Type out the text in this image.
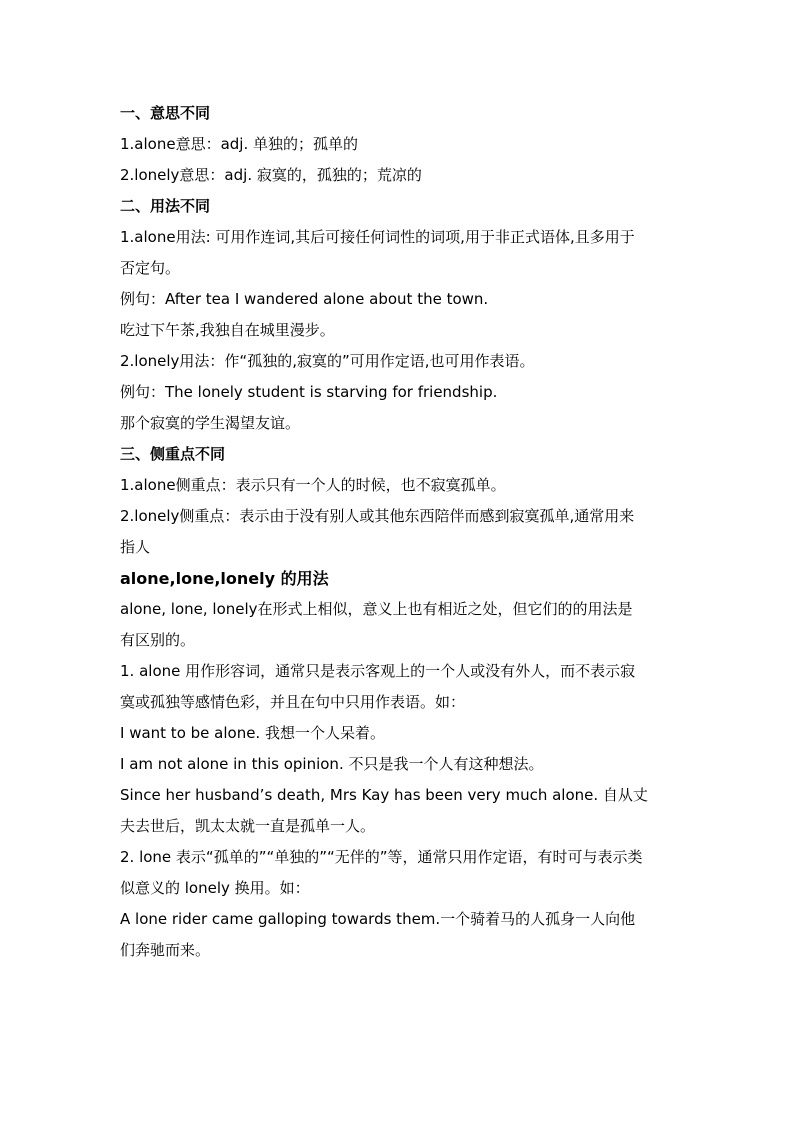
一、意思不同
1.alone意思：adj. 单独的；孤单的
2.lonely意思：adj. 寂寞的，孤独的；荒凉的
二、用法不同
1.alone用法: 可用作连词,其后可接任何词性的词项,用于非正式语体,且多用于
否定句。
例句：After tea I wandered alone about the town.
吃过下午茶,我独自在城里漫步。
2.lonely用法：作“孤独的,寂寞的”可用作定语,也可用作表语。
例句：The lonely student is starving for friendship.
那个寂寞的学生渴望友谊。
三、侧重点不同
1.alone侧重点：表示只有一个人的时候，也不寂寞孤单。
2.lonely侧重点：表示由于没有别人或其他东西陪伴而感到寂寞孤单,通常用来
指人
alone,lone,lonely 的用法
alone, lone, lonely在形式上相似，意义上也有相近之处，但它们的的用法是
有区别的。
1. alone 用作形容词，通常只是表示客观上的一个人或没有外人，而不表示寂
寞或孤独等感情色彩，并且在句中只用作表语。如：
I want to be alone. 我想一个人呆着。
I am not alone in this opinion. 不只是我一个人有这种想法。
Since her husband’s death, Mrs Kay has been very much alone. 自从丈
夫去世后，凯太太就一直是孤单一人。
2. lone 表示“孤单的”“单独的”“无伴的”等，通常只用作定语，有时可与表示类
似意义的 lonely 换用。如：
A lone rider came galloping towards them.一个骑着马的人孤身一人向他
们奔驰而来。
